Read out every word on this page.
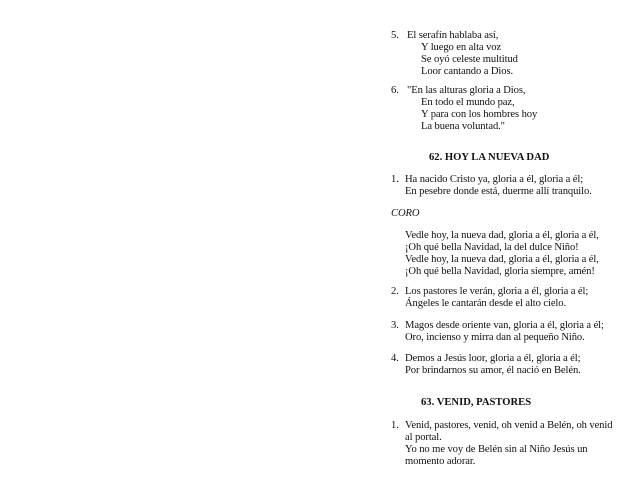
5. El serafín hablaba así,
Y luego en alta voz
Se oyó celeste multitud
Loor cantando a Dios.
6. "En las alturas gloria a Dios,
En todo el mundo paz,
Y para con los hombres hoy
La buena voluntad."
62. HOY LA NUEVA DAD
1. Ha nacido Cristo ya, gloria a él, gloria a él;
En pesebre donde está, duerme allí tranquilo.
CORO
Vedle hoy, la nueva dad, gloria a él, gloria a él,
¡Oh qué bella Navidad, la del dulce Niño!
Vedle hoy, la nueva dad, gloria a él, gloria a él,
¡Oh qué bella Navidad, gloria siempre, amén!
2. Los pastores le verán, gloria a él, gloria a él;
Ángeles le cantarán desde el alto cielo.
3. Magos desde oriente van, gloria a él, gloria a él;
Oro, incienso y mirra dan al pequeño Niño.
4. Demos a Jesús loor, gloria a él, gloria a él;
Por brindarnos su amor, él nació en Belén.
63. VENID, PASTORES
1. Venid, pastores, venid, oh venid a Belén, oh venid
al portal.
Yo no me voy de Belén sin al Niño Jesús un
momento adorar.
